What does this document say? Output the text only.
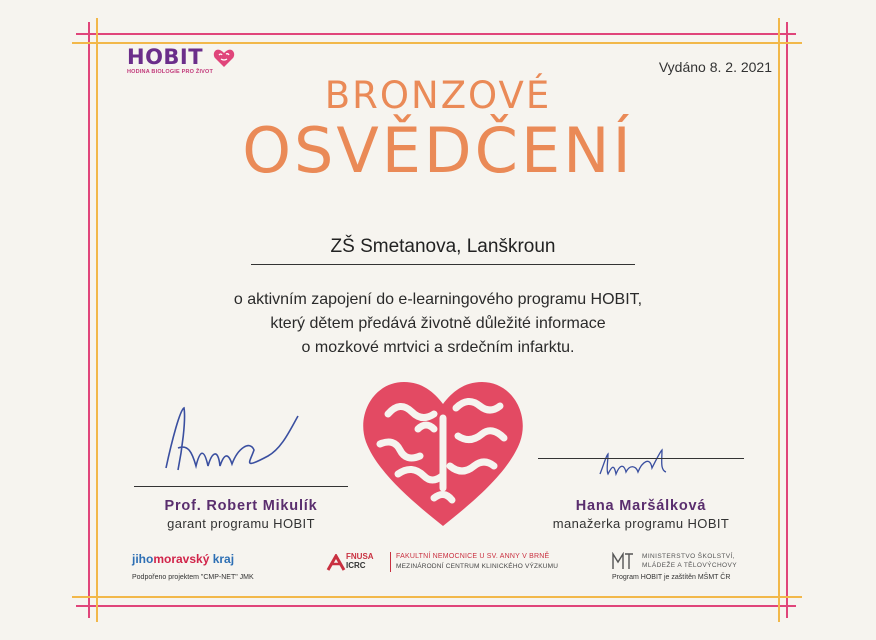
HOBIT
HODINA BIOLOGIE PRO ŽIVOT	Vydáno 8. 2. 2021
BRONZOVÉ
OSVĚDČENÍ
ZŠ Smetanova, Lanškroun
o aktivním zapojení do e-learningového programu HOBIT,
který dětem předává životně důležité informace
o mozkové mrtvici a srdečním infarktu.
Prof. Robert Mikulík
garant programu HOBIT
Hana Maršálková
manažerka programu HOBIT
jihomoravský kraj
Podpořeno projektem "CMP-NET" JMK
FNUSA
ICRC
FAKULTNÍ NEMOCNICE U SV. ANNY V BRNĚ
MEZINÁRODNÍ CENTRUM KLINICKÉHO VÝZKUMU
MINISTERSTVO ŠKOLSTVÍ,
MLÁDEŽE A TĚLOVÝCHOVY
Program HOBIT je zaštítěn MŠMT ČR
